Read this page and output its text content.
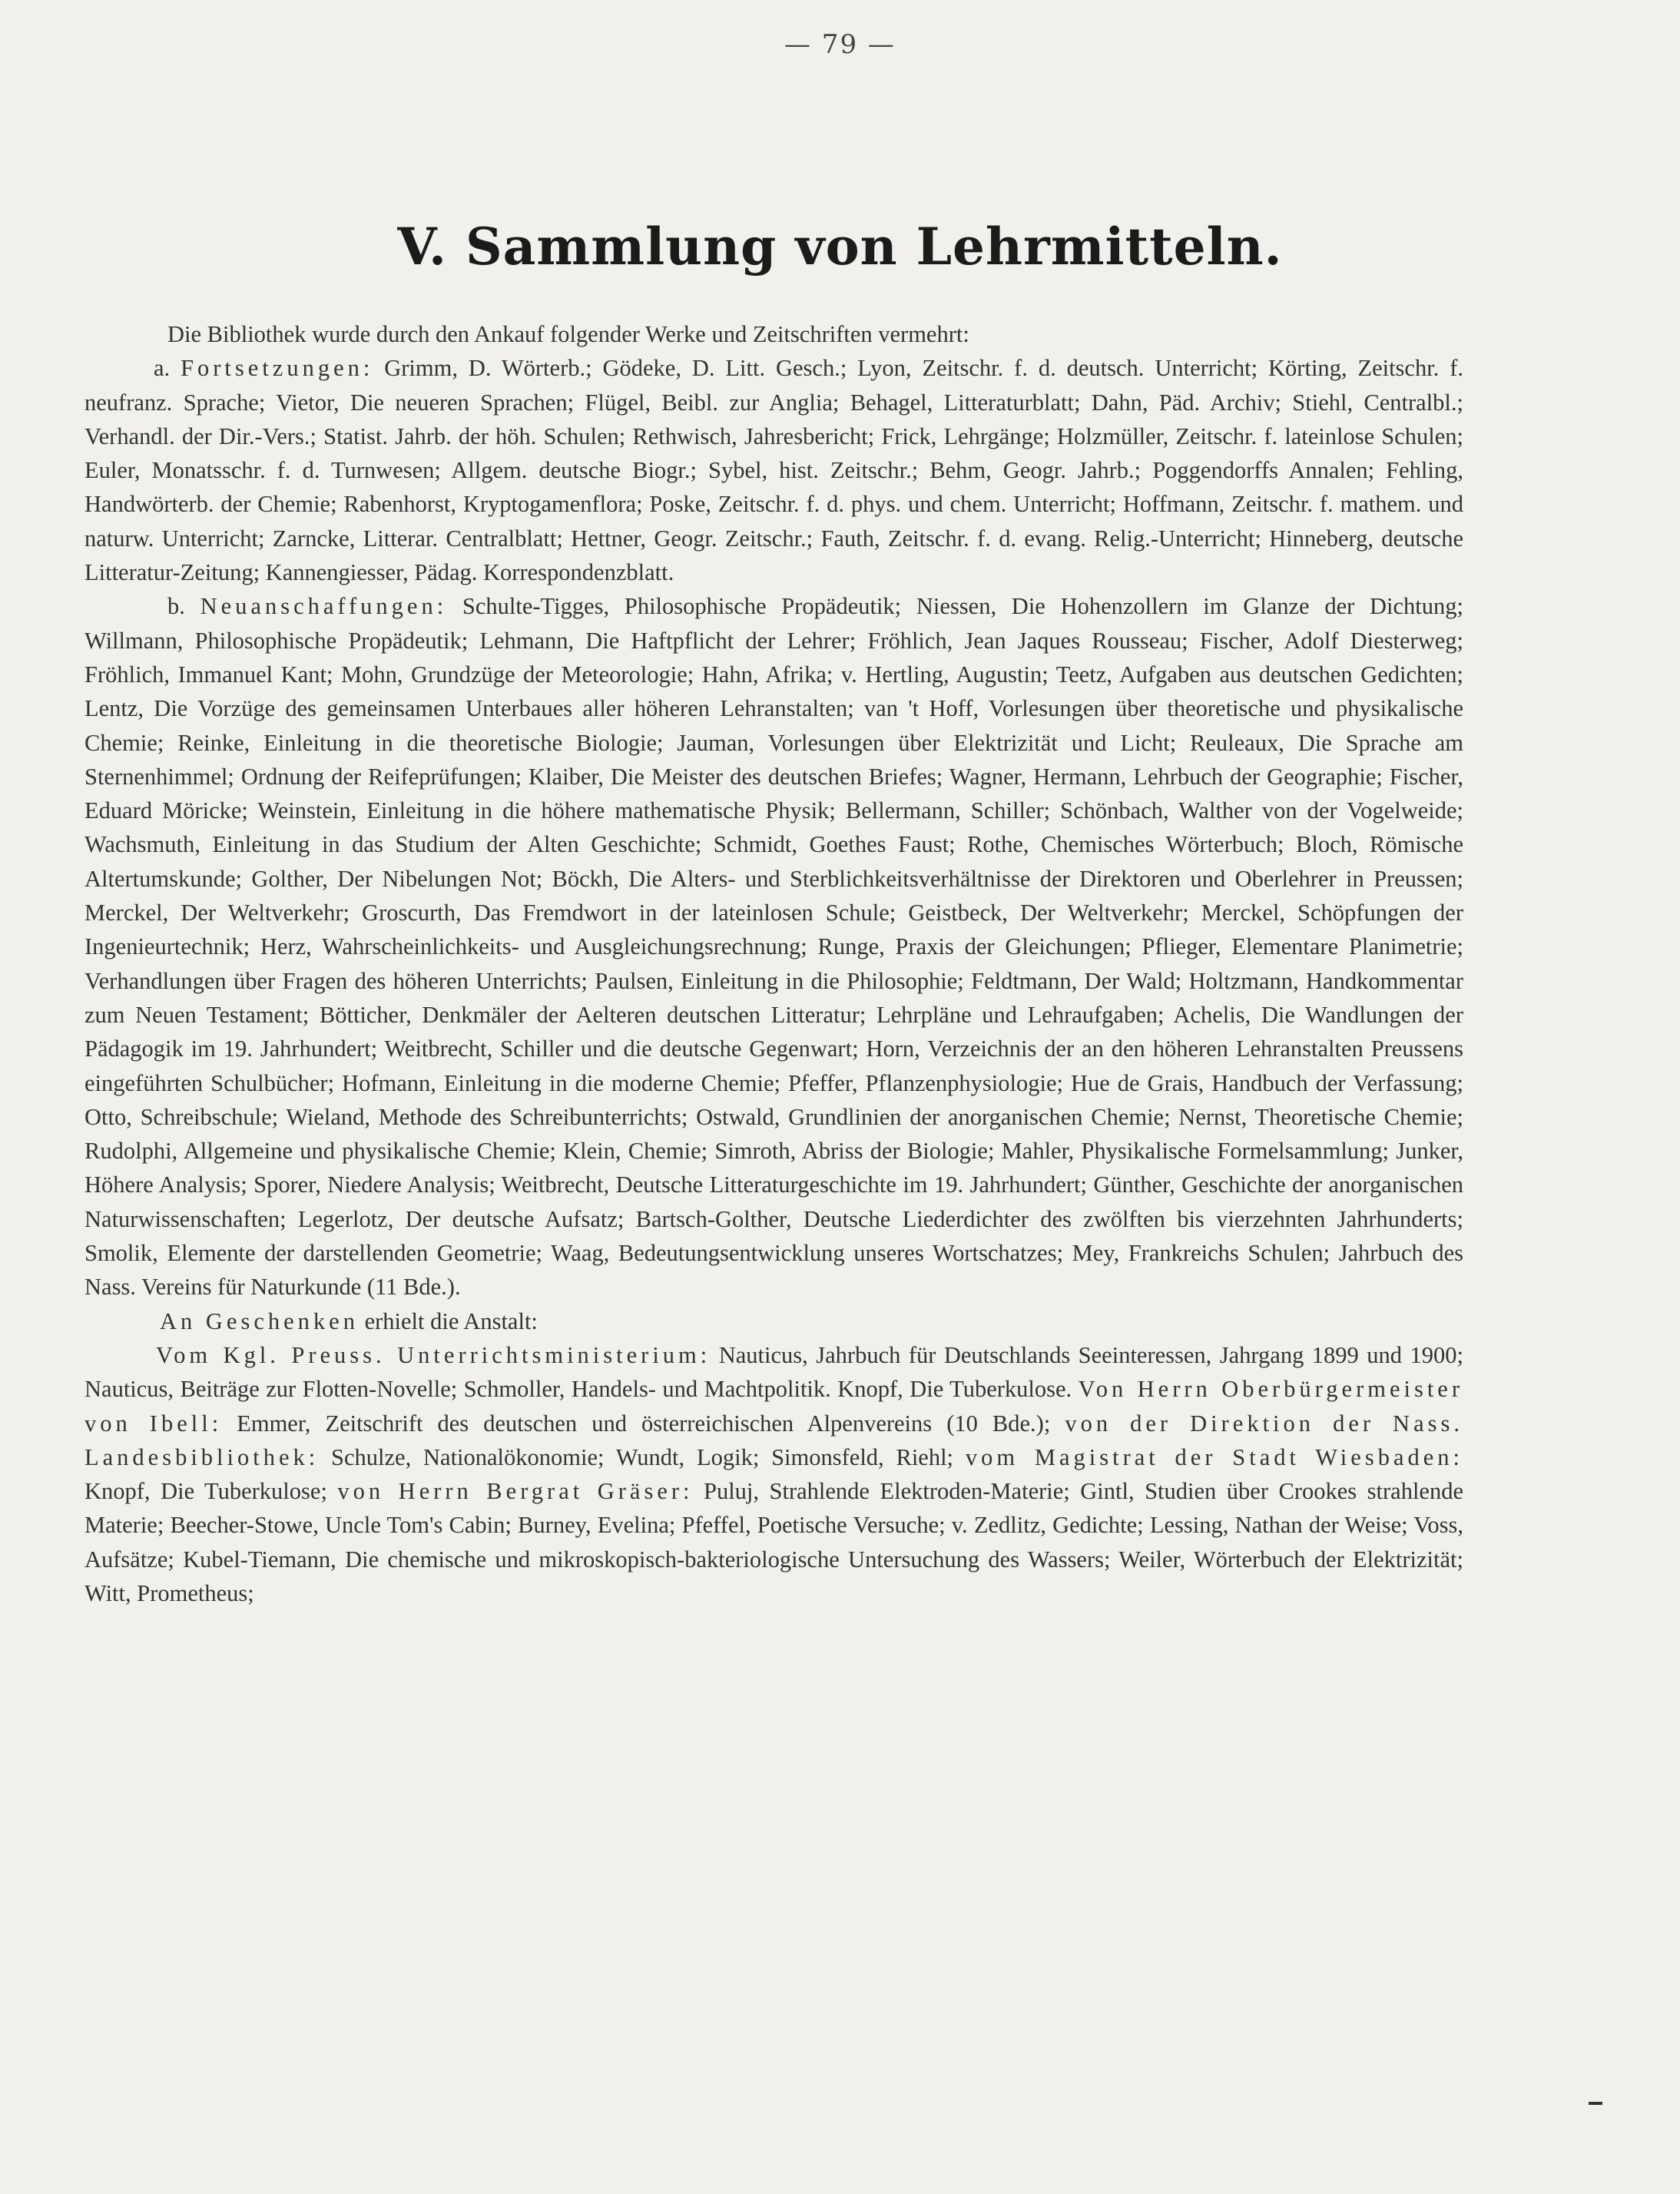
— 79 —
V. Sammlung von Lehrmitteln.

Die Bibliothek wurde durch den Ankauf folgender Werke und Zeitschriften vermehrt:

a. Fortsetzungen: Grimm, D. Wörterb.; Gödeke, D. Litt. Gesch.; Lyon, Zeitschr. f. d. deutsch. Unterricht; Körting, Zeitschr. f. neufranz. Sprache; Vietor, Die neueren Sprachen; Flügel, Beibl. zur Anglia; Behagel, Litteraturblatt; Dahn, Päd. Archiv; Stiehl, Centralbl.; Verhandl. der Dir.-Vers.; Statist. Jahrb. der höh. Schulen; Rethwisch, Jahresbericht; Frick, Lehrgänge; Holzmüller, Zeitschr. f. lateinlose Schulen; Euler, Monatsschr. f. d. Turnwesen; Allgem. deutsche Biogr.; Sybel, hist. Zeitschr.; Behm, Geogr. Jahrb.; Poggendorffs Annalen; Fehling, Handwörterb. der Chemie; Rabenhorst, Kryptogamenflora; Poske, Zeitschr. f. d. phys. und chem. Unterricht; Hoffmann, Zeitschr. f. mathem. und naturw. Unterricht; Zarncke, Litterar. Centralblatt; Hettner, Geogr. Zeitschr.; Fauth, Zeitschr. f. d. evang. Relig.-Unterricht; Hinneberg, deutsche Litteratur-Zeitung; Kannengiesser, Pädag. Korrespondenzblatt.

b. Neuanschaffungen: Schulte-Tigges, Philosophische Propädeutik; Niessen, Die Hohenzollern im Glanze der Dichtung; Willmann, Philosophische Propädeutik; Lehmann, Die Haftpflicht der Lehrer; Fröhlich, Jean Jaques Rousseau; Fischer, Adolf Diesterweg; Fröhlich, Immanuel Kant; Mohn, Grundzüge der Meteorologie; Hahn, Afrika; v. Hertling, Augustin; Teetz, Aufgaben aus deutschen Gedichten; Lentz, Die Vorzüge des gemeinsamen Unterbaues aller höheren Lehranstalten; van 't Hoff, Vorlesungen über theoretische und physikalische Chemie; Reinke, Einleitung in die theoretische Biologie; Jauman, Vorlesungen über Elektrizität und Licht; Reuleaux, Die Sprache am Sternenhimmel; Ordnung der Reifeprüfungen; Klaiber, Die Meister des deutschen Briefes; Wagner, Hermann, Lehrbuch der Geographie; Fischer, Eduard Möricke; Weinstein, Einleitung in die höhere mathematische Physik; Bellermann, Schiller; Schönbach, Walther von der Vogelweide; Wachsmuth, Einleitung in das Studium der Alten Geschichte; Schmidt, Goethes Faust; Rothe, Chemisches Wörterbuch; Bloch, Römische Altertumskunde; Golther, Der Nibelungen Not; Böckh, Die Alters- und Sterblichkeitsverhältnisse der Direktoren und Oberlehrer in Preussen; Merckel, Der Weltverkehr; Groscurth, Das Fremdwort in der lateinlosen Schule; Geistbeck, Der Weltverkehr; Merckel, Schöpfungen der Ingenieurtechnik; Herz, Wahrscheinlichkeits- und Ausgleichungsrechnung; Runge, Praxis der Gleichungen; Pflieger, Elementare Planimetrie; Verhandlungen über Fragen des höheren Unterrichts; Paulsen, Einleitung in die Philosophie; Feldtmann, Der Wald; Holtzmann, Handkommentar zum Neuen Testament; Bötticher, Denkmäler der Aelteren deutschen Litteratur; Lehrpläne und Lehraufgaben; Achelis, Die Wandlungen der Pädagogik im 19. Jahrhundert; Weitbrecht, Schiller und die deutsche Gegenwart; Horn, Verzeichnis der an den höheren Lehranstalten Preussens eingeführten Schulbücher; Hofmann, Einleitung in die moderne Chemie; Pfeffer, Pflanzenphysiologie; Hue de Grais, Handbuch der Verfassung; Otto, Schreibschule; Wieland, Methode des Schreibunterrichts; Ostwald, Grundlinien der anorganischen Chemie; Nernst, Theoretische Chemie; Rudolphi, Allgemeine und physikalische Chemie; Klein, Chemie; Simroth, Abriss der Biologie; Mahler, Physikalische Formelsammlung; Junker, Höhere Analysis; Sporer, Niedere Analysis; Weitbrecht, Deutsche Litteraturgeschichte im 19. Jahrhundert; Günther, Geschichte der anorganischen Naturwissenschaften; Legerlotz, Der deutsche Aufsatz; Bartsch-Golther, Deutsche Liederdichter des zwölften bis vierzehnten Jahrhunderts; Smolik, Elemente der darstellenden Geometrie; Waag, Bedeutungsentwicklung unseres Wortschatzes; Mey, Frankreichs Schulen; Jahrbuch des Nass. Vereins für Naturkunde (11 Bde.).

An Geschenken erhielt die Anstalt:

Vom Kgl. Preuss. Unterrichtsministerium: Nauticus, Jahrbuch für Deutschlands Seeinteressen, Jahrgang 1899 und 1900; Nauticus, Beiträge zur Flotten-Novelle; Schmoller, Handels- und Machtpolitik. Knopf, Die Tuberkulose. Von Herrn Oberbürgermeister von Ibell: Emmer, Zeitschrift des deutschen und österreichischen Alpenvereins (10 Bde.); von der Direktion der Nass. Landesbibliothek: Schulze, Nationalökonomie; Wundt, Logik; Simonsfeld, Riehl; vom Magistrat der Stadt Wiesbaden: Knopf, Die Tuberkulose; von Herrn Bergrat Gräser: Puluj, Strahlende Elektroden-Materie; Gintl, Studien über Crookes strahlende Materie; Beecher-Stowe, Uncle Tom's Cabin; Burney, Evelina; Pfeffel, Poetische Versuche; v. Zedlitz, Gedichte; Lessing, Nathan der Weise; Voss, Aufsätze; Kubel-Tiemann, Die chemische und mikroskopisch-bakteriologische Untersuchung des Wassers; Weiler, Wörterbuch der Elektrizität; Witt, Prometheus;
